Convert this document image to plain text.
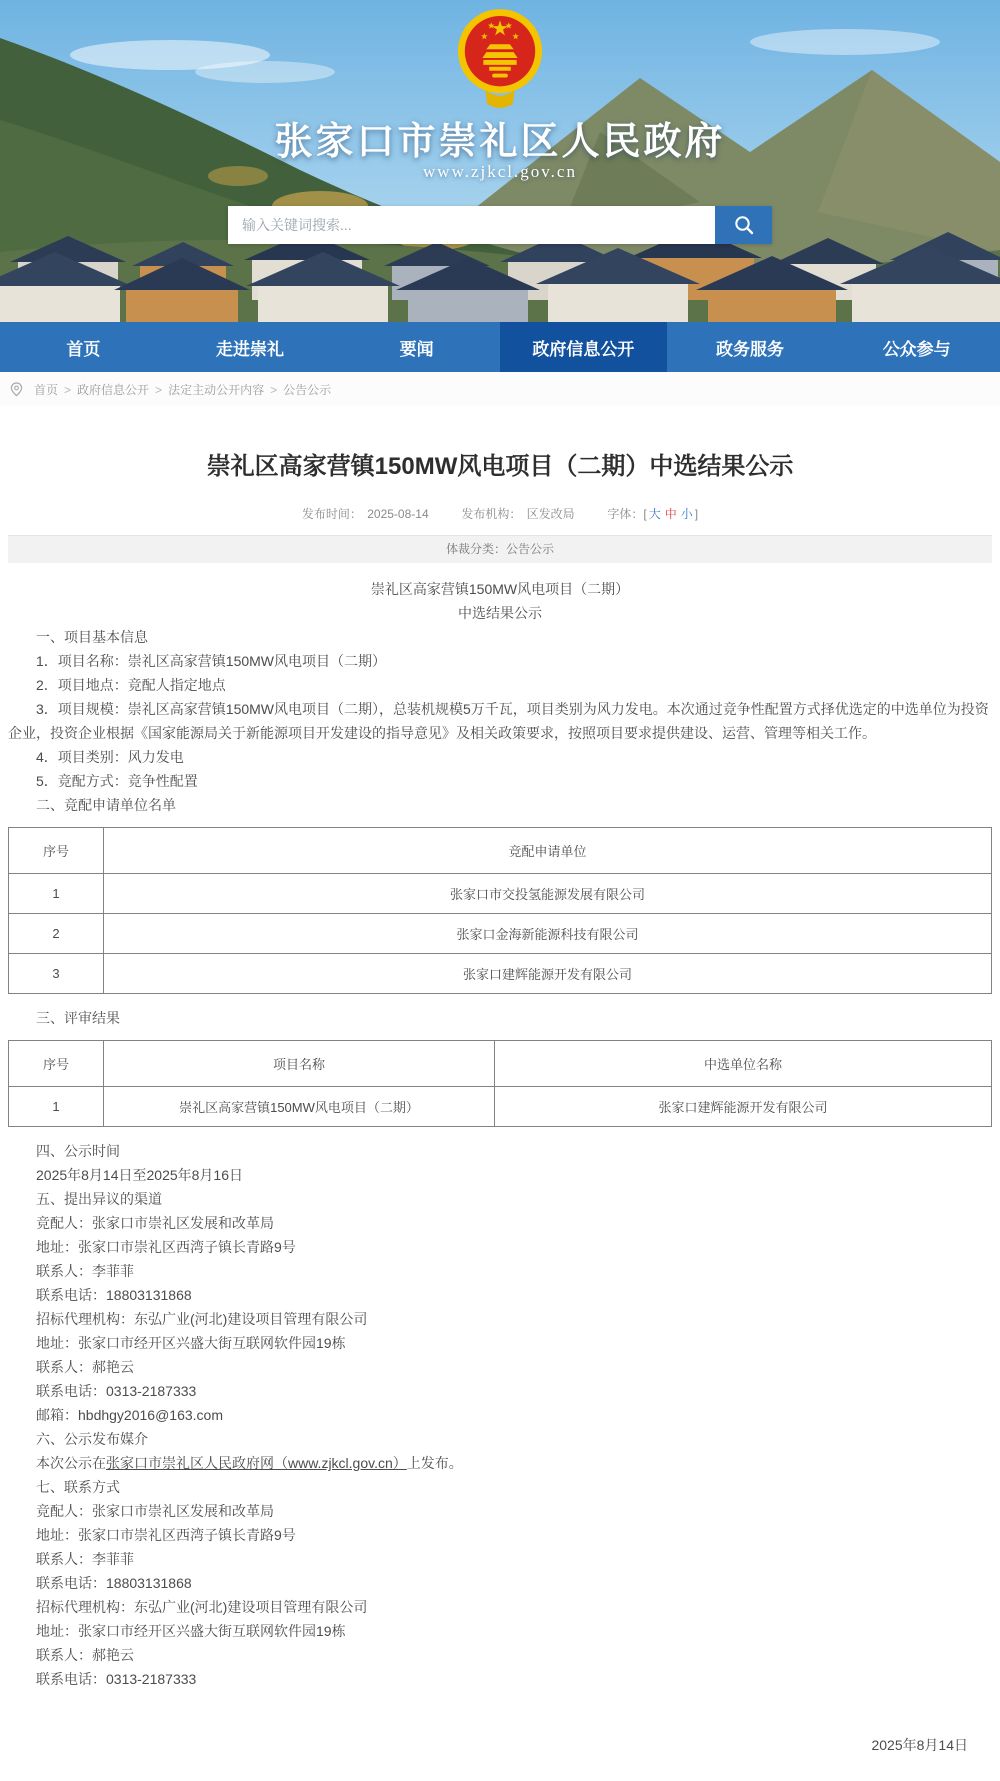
张家口市崇礼区人民政府
www.zjkcl.gov.cn
输入关键词搜索...
首页	走进崇礼	要闻	政府信息公开	政务服务	公众参与
首页 > 政府信息公开 > 法定主动公开内容 > 公告公示
崇礼区高家营镇150MW风电项目（二期）中选结果公示
发布时间： 2025-08-14	发布机构： 区发改局	字体：[ 大 中 小 ]
体裁分类：公告公示

崇礼区高家营镇150MW风电项目（二期）

中选结果公示

一、项目基本信息

1．项目名称：崇礼区高家营镇150MW风电项目（二期）

2．项目地点：竞配人指定地点

3．项目规模：崇礼区高家营镇150MW风电项目（二期），总装机规模5万千瓦，项目类别为风力发电。本次通过竞争性配置方式择优选定的中选单位为投资企业，投资企业根据《国家能源局关于新能源项目开发建设的指导意见》及相关政策要求，按照项目要求提供建设、运营、管理等相关工作。

4．项目类别：风力发电

5．竞配方式：竞争性配置

二、竞配申请单位名单

序号	竞配申请单位
1	张家口市交投氢能源发展有限公司
2	张家口金海新能源科技有限公司
3	张家口建辉能源开发有限公司

三、评审结果

序号	项目名称	中选单位名称
1	崇礼区高家营镇150MW风电项目（二期）	张家口建辉能源开发有限公司

四、公示时间

2025年8月14日至2025年8月16日

五、提出异议的渠道

竞配人：张家口市崇礼区发展和改革局

地址：张家口市崇礼区西湾子镇长青路9号

联系人：李菲菲

联系电话：18803131868

招标代理机构：东弘广业(河北)建设项目管理有限公司

地址：张家口市经开区兴盛大街互联网软件园19栋

联系人：郝艳云

联系电话：0313-2187333

邮箱：hbdhgy2016@163.com

六、公示发布媒介

本次公示在张家口市崇礼区人民政府网（www.zjkcl.gov.cn）上发布。

七、联系方式

竞配人：张家口市崇礼区发展和改革局

地址：张家口市崇礼区西湾子镇长青路9号

联系人：李菲菲

联系电话：18803131868

招标代理机构：东弘广业(河北)建设项目管理有限公司

地址：张家口市经开区兴盛大街互联网软件园19栋

联系人：郝艳云

联系电话：0313-2187333

2025年8月14日
